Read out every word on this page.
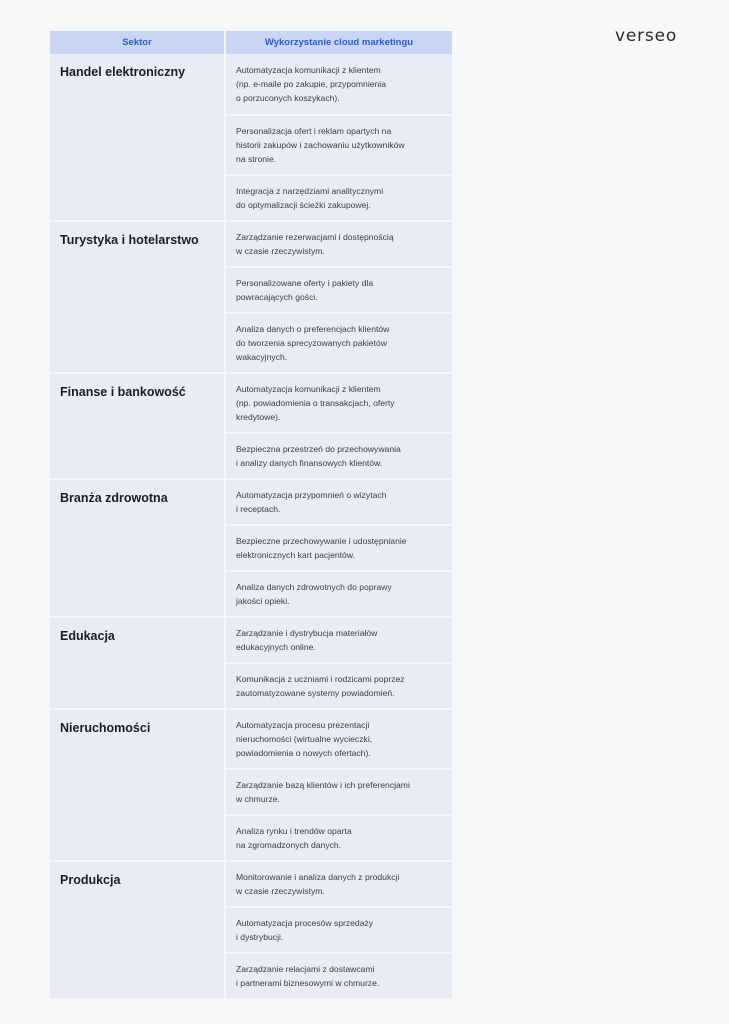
verseo
Sektor	Wykorzystanie cloud marketingu

Handel elektroniczny	Automatyzacja komunikacji z klientem
(np. e-maile po zakupie, przypomnienia
o porzuconych koszykach).

	Personalizacja ofert i reklam opartych na
historii zakupów i zachowaniu użytkowników
na stronie.

	Integracja z narzędziami analitycznymi
do optymalizacji ścieżki zakupowej.

Turystyka i hotelarstwo	Zarządzanie rezerwacjami i dostępnością
w czasie rzeczywistym.

	Personalizowane oferty i pakiety dla
powracających gości.

	Analiza danych o preferencjach klientów
do tworzenia sprecyzowanych pakietów
wakacyjnych.

Finanse i bankowość	Automatyzacja komunikacji z klientem
(np. powiadomienia o transakcjach, oferty
kredytowe).

	Bezpieczna przestrzeń do przechowywania
i analizy danych finansowych klientów.

Branża zdrowotna	Automatyzacja przypomnień o wizytach
i receptach.

	Bezpieczne przechowywanie i udostępnianie
elektronicznych kart pacjentów.

	Analiza danych zdrowotnych do poprawy
jakości opieki.

Edukacja	Zarządzanie i dystrybucja materiałów
edukacyjnych online.

	Komunikacja z uczniami i rodzicami poprzez
zautomatyzowane systemy powiadomień.

Nieruchomości	Automatyzacja procesu prezentacji
nieruchomości (wirtualne wycieczki,
powiadomienia o nowych ofertach).

	Zarządzanie bazą klientów i ich preferencjami
w chmurze.

	Analiza rynku i trendów oparta
na zgromadzonych danych.

Produkcja	Monitorowanie i analiza danych z produkcji
w czasie rzeczywistym.

	Automatyzacja procesów sprzedaży
i dystrybucji.

	Zarządzanie relacjami z dostawcami
i partnerami biznesowymi w chmurze.
